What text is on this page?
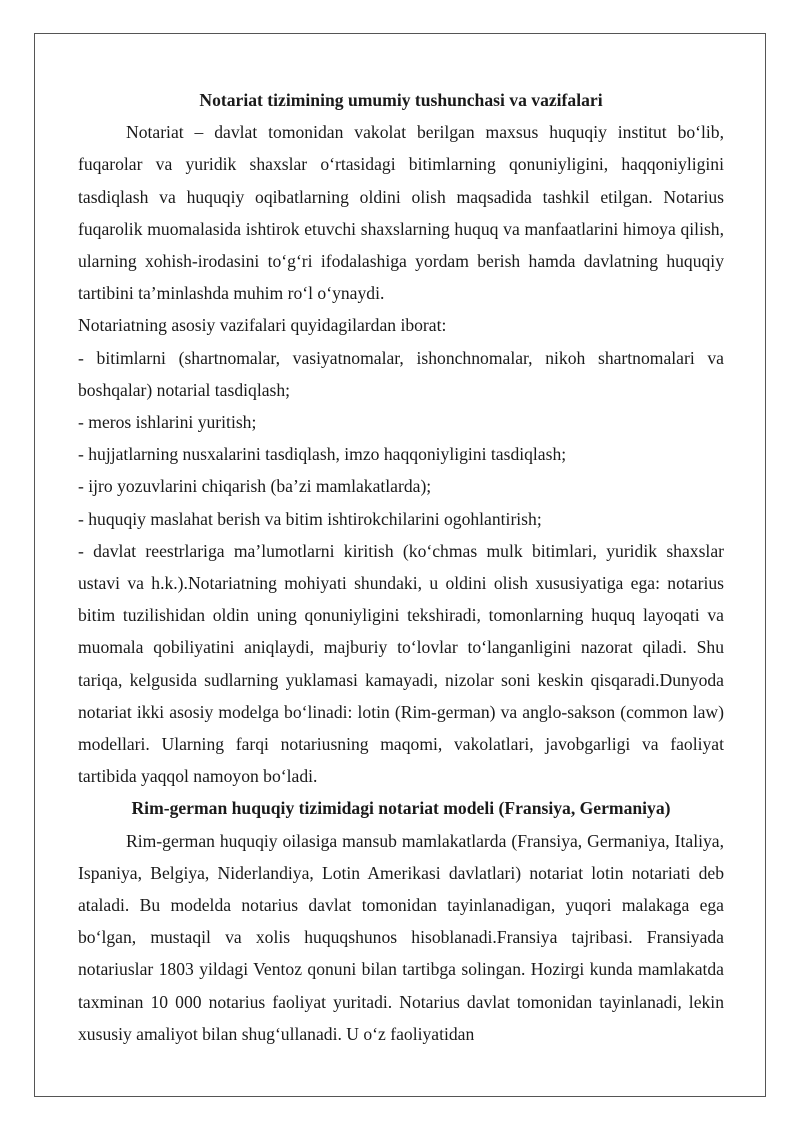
Notariat tizimining umumiy tushunchasi va vazifalari

Notariat – davlat tomonidan vakolat berilgan maxsus huquqiy institut bo‘lib, fuqarolar va yuridik shaxslar o‘rtasidagi bitimlarning qonuniyligini, haqqoniyligini tasdiqlash va huquqiy oqibatlarning oldini olish maqsadida tashkil etilgan. Notarius fuqarolik muomalasida ishtirok etuvchi shaxslarning huquq va manfaatlarini himoya qilish, ularning xohish-irodasini to‘g‘ri ifodalashiga yordam berish hamda davlatning huquqiy tartibini ta’minlashda muhim ro‘l o‘ynaydi.

Notariatning asosiy vazifalari quyidagilardan iborat:

- bitimlarni (shartnomalar, vasiyatnomalar, ishonchnomalar, nikoh shartnomalari va boshqalar) notarial tasdiqlash;

- meros ishlarini yuritish;

- hujjatlarning nusxalarini tasdiqlash, imzo haqqoniyligini tasdiqlash;

- ijro yozuvlarini chiqarish (ba’zi mamlakatlarda);

- huquqiy maslahat berish va bitim ishtirokchilarini ogohlantirish;

- davlat reestrlariga ma’lumotlarni kiritish (ko‘chmas mulk bitimlari, yuridik shaxslar ustavi va h.k.).Notariatning mohiyati shundaki, u oldini olish xususiyatiga ega: notarius bitim tuzilishidan oldin uning qonuniyligini tekshiradi, tomonlarning huquq layoqati va muomala qobiliyatini aniqlaydi, majburiy to‘lovlar to‘langanligini nazorat qiladi. Shu tariqa, kelgusida sudlarning yuklamasi kamayadi, nizolar soni keskin qisqaradi.Dunyoda notariat ikki asosiy modelga bo‘linadi: lotin (Rim-german) va anglo-sakson (common law) modellari. Ularning farqi notariusning maqomi, vakolatlari, javobgarligi va faoliyat tartibida yaqqol namoyon bo‘ladi.

Rim-german huquqiy tizimidagi notariat modeli (Fransiya, Germaniya)

Rim-german huquqiy oilasiga mansub mamlakatlarda (Fransiya, Germaniya, Italiya, Ispaniya, Belgiya, Niderlandiya, Lotin Amerikasi davlatlari) notariat lotin notariati deb ataladi. Bu modelda notarius davlat tomonidan tayinlanadigan, yuqori malakaga ega bo‘lgan, mustaqil va xolis huquqshunos hisoblanadi.Fransiya tajribasi. Fransiyada notariuslar 1803 yildagi Ventoz qonuni bilan tartibga solingan. Hozirgi kunda mamlakatda taxminan 10 000 notarius faoliyat yuritadi. Notarius davlat tomonidan tayinlanadi, lekin xususiy amaliyot bilan shug‘ullanadi. U o‘z faoliyatidan
